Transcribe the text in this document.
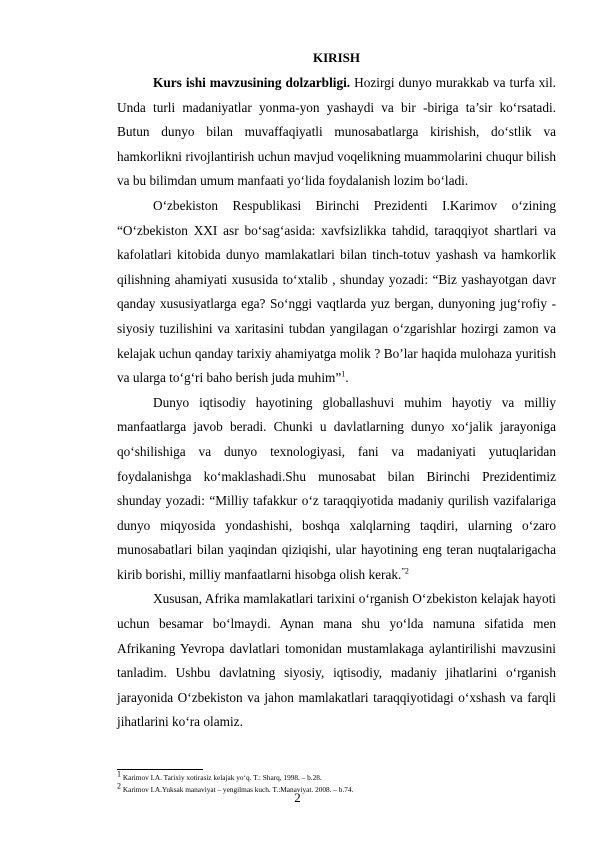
KIRISH

Kurs ishi mavzusining dolzarbligi. Hozirgi dunyo murakkab va turfa xil. Unda turli madaniyatlar yonma-yon yashaydi va bir -biriga ta’sir ko‘rsatadi. Butun dunyo bilan muvaffaqiyatli munosabatlarga kirishish, do‘stlik va hamkorlikni rivojlantirish uchun mavjud voqelikning muammolarini chuqur bilish va bu bilimdan umum manfaati yo‘lida foydalanish lozim bo‘ladi.

O‘zbekiston Respublikasi Birinchi Prezidenti I.Karimov o‘zining “O‘zbekiston XXI asr bo‘sag‘asida: xavfsizlikka tahdid, taraqqiyot shartlari va kafolatlari kitobida dunyo mamlakatlari bilan tinch-totuv yashash va hamkorlik qilishning ahamiyati xususida to‘xtalib , shunday yozadi: “Biz yashayotgan davr qanday xususiyatlarga ega? So‘nggi vaqtlarda yuz bergan, dunyoning jug‘rofiy - siyosiy tuzilishini va xaritasini tubdan yangilagan o‘zgarishlar hozirgi zamon va kelajak uchun qanday tarixiy ahamiyatga molik ? Bo’lar haqida mulohaza yuritish va ularga to‘g‘ri baho berish juda muhim”$^1$.

Dunyo iqtisodiy hayotining globallashuvi muhim hayotiy va milliy manfaatlarga javob beradi. Chunki u davlatlarning dunyo xo‘jalik jarayoniga qo‘shilishiga va dunyo texnologiyasi, fani va madaniyati yutuqlaridan foydalanishga ko‘maklashadi.Shu munosabat bilan Birinchi Prezidentimiz shunday yozadi: “Milliy tafakkur o‘z taraqqiyotida madaniy qurilish vazifalariga dunyo miqyosida yondashishi, boshqa xalqlarning taqdiri, ularning o‘zaro munosabatlari bilan yaqindan qiziqishi, ular hayotining eng teran nuqtalarigacha kirib borishi, milliy manfaatlarni hisobga olish kerak.$^{”2}$

Xususan, Afrika mamlakatlari tarixini o‘rganish O‘zbekiston kelajak hayoti uchun besamar bo‘lmaydi. Aynan mana shu yo‘lda namuna sifatida men Afrikaning Yevropa davlatlari tomonidan mustamlakaga aylantirilishi mavzusini tanladim. Ushbu davlatning siyosiy, iqtisodiy, madaniy jihatlarini o‘rganish jarayonida O‘zbekiston va jahon mamlakatlari taraqqiyotidagi o‘xshash va farqli jihatlarini ko‘ra olamiz.

$^1$ Karimov I.A. Tarixiy xotirasiz kelajak yo‘q. T.: Sharq, 1998. – b.28.
$^2$ Karimov I.A.Yuksak manaviyat – yengilmas kuch. T.:Manaviyat. 2008. – b.74.
2
